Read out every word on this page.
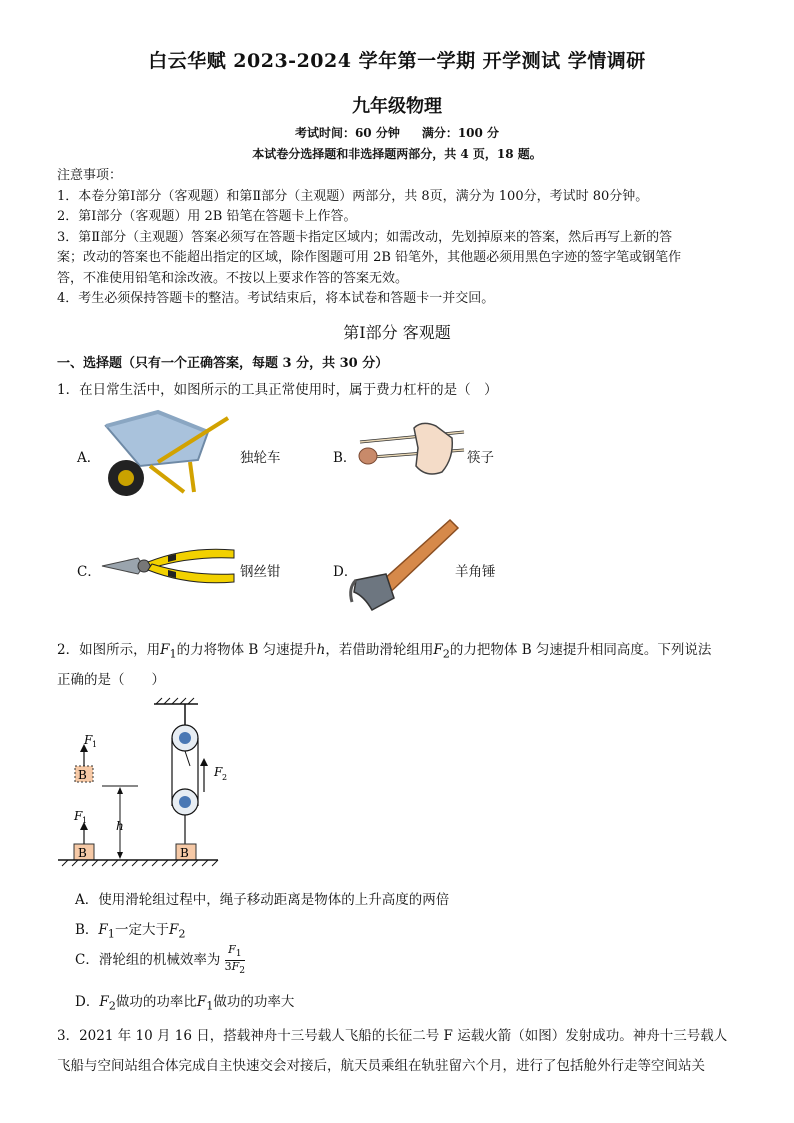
白云华赋 2023-2024 学年第一学期 开学测试 学情调研
九年级物理
考试时间：60 分钟 满分：100 分
本试卷分选择题和非选择题两部分，共 4 页，18 题。
注意事项：
1．本卷分第Ⅰ部分（客观题）和第Ⅱ部分（主观题）两部分，共 8页，满分为 100分，考试时 80分钟。
2．第Ⅰ部分（客观题）用 2B 铅笔在答题卡上作答。
3．第Ⅱ部分（主观题）答案必须写在答题卡指定区域内；如需改动，先划掉原来的答案，然后再写上新的答
案；改动的答案也不能超出指定的区域，除作图题可用 2B 铅笔外，其他题必须用黑色字迹的签字笔或钢笔作
答，不准使用铅笔和涂改液。不按以上要求作答的答案无效。
4．考生必须保持答题卡的整洁。考试结束后，将本试卷和答题卡一并交回。
第Ⅰ部分 客观题
一、选择题（只有一个正确答案，每题 3 分，共 30 分）
1．在日常生活中，如图所示的工具正常使用时，属于费力杠杆的是（　）
A．	独轮车	B．	筷子
C．	钢丝钳	D．	羊角锤
2．如图所示，用$F_1$的力将物体 B 匀速提升h，若借助滑轮组用$F_2$的力把物体 B 匀速提升相同高度。下列说法
正确的是（　　）
F 2
B
F 1
h
B
F 1
B
A．使用滑轮组过程中，绳子移动距离是物体的上升高度的两倍
B．$F_1$一定大于$F_2$
C．滑轮组的机械效率为 $\frac{F_1}{3F_2}$
D．$F_2$做功的功率比$F_1$做功的功率大
3．2021 年 10 月 16 日，搭载神舟十三号载人飞船的长征二号 F 运载火箭（如图）发射成功。神舟十三号载人
飞船与空间站组合体完成自主快速交会对接后，航天员乘组在轨驻留六个月，进行了包括舱外行走等空间站关
